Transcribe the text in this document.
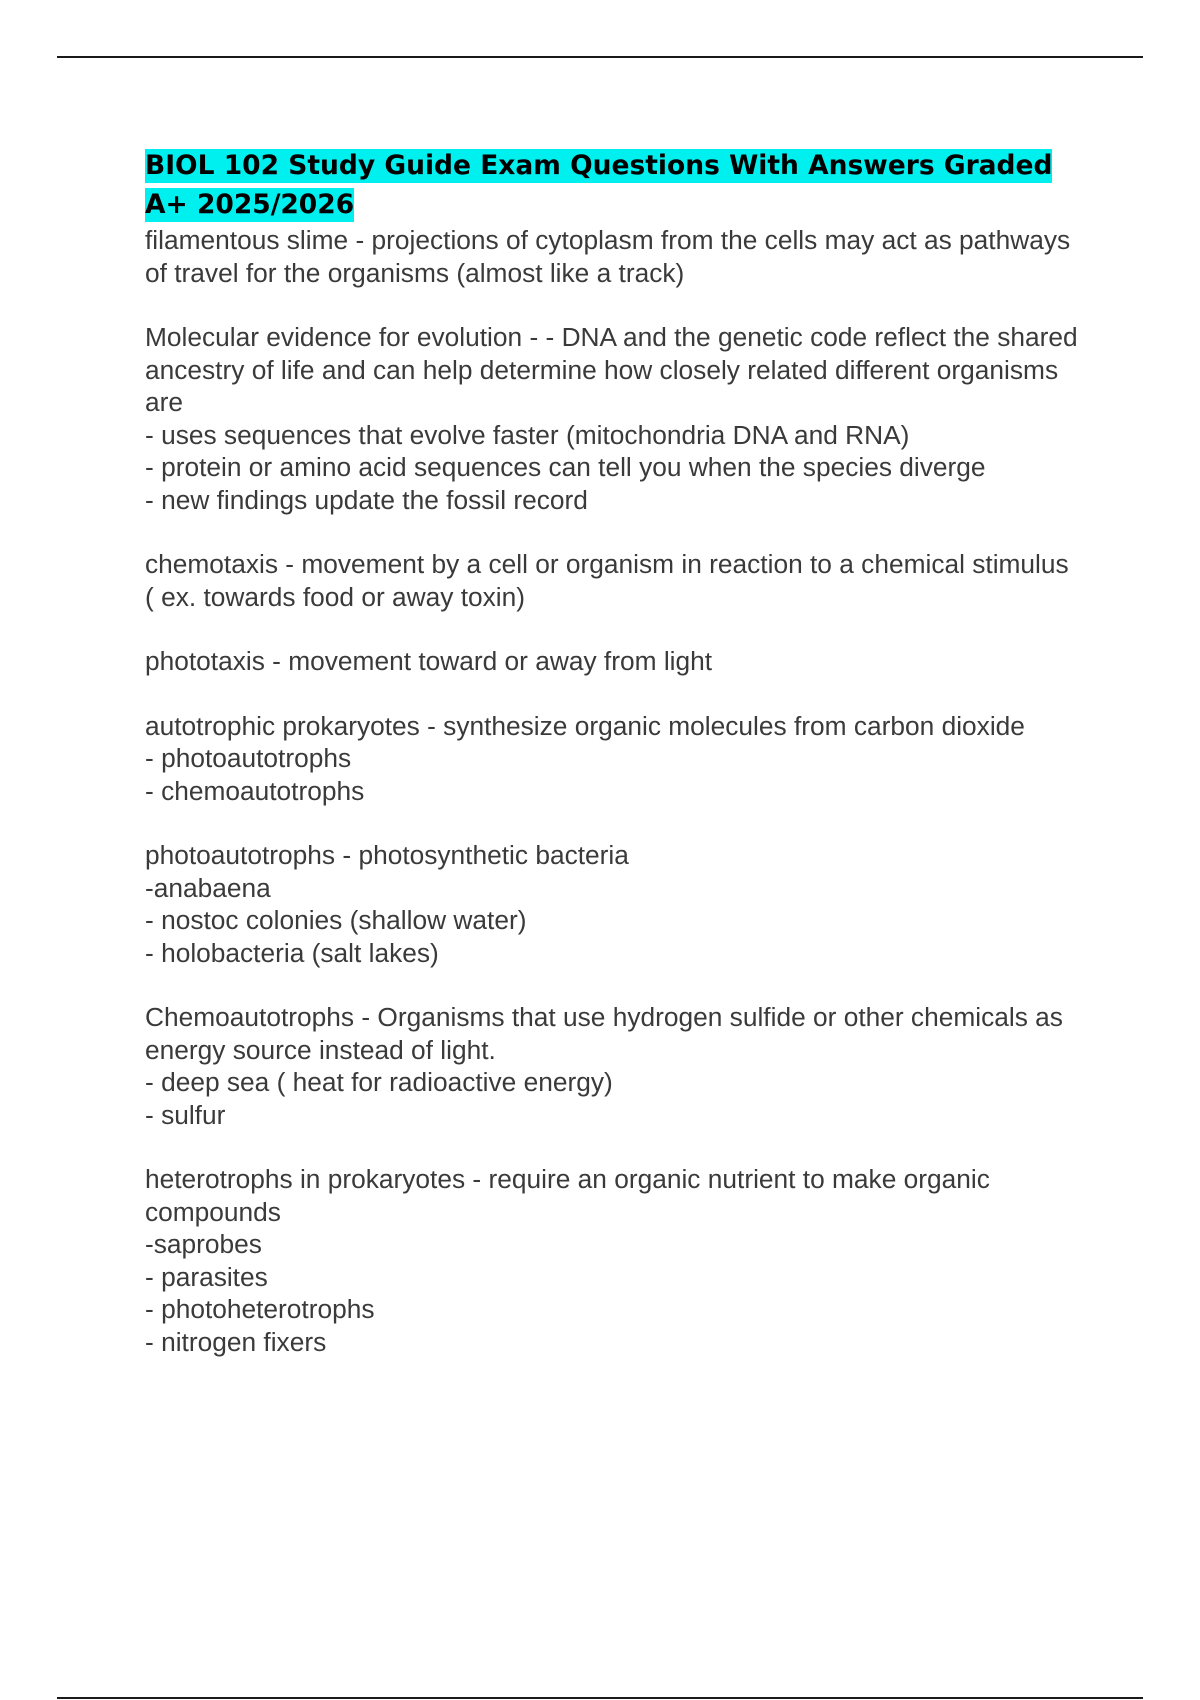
BIOL 102 Study Guide Exam Questions With Answers Graded A+ 2025/2026

filamentous slime - projections of cytoplasm from the cells may act as pathways of travel for the organisms (almost like a track)

Molecular evidence for evolution - - DNA and the genetic code reflect the shared ancestry of life and can help determine how closely related different organisms are

- uses sequences that evolve faster (mitochondria DNA and RNA)

- protein or amino acid sequences can tell you when the species diverge

- new findings update the fossil record

chemotaxis - movement by a cell or organism in reaction to a chemical stimulus

( ex. towards food or away toxin)

phototaxis - movement toward or away from light

autotrophic prokaryotes - synthesize organic molecules from carbon dioxide

- photoautotrophs

- chemoautotrophs

photoautotrophs - photosynthetic bacteria

-anabaena

- nostoc colonies (shallow water)

- holobacteria (salt lakes)

Chemoautotrophs - Organisms that use hydrogen sulfide or other chemicals as energy source instead of light.

- deep sea ( heat for radioactive energy)

- sulfur

heterotrophs in prokaryotes - require an organic nutrient to make organic compounds

-saprobes

- parasites

- photoheterotrophs

- nitrogen fixers
